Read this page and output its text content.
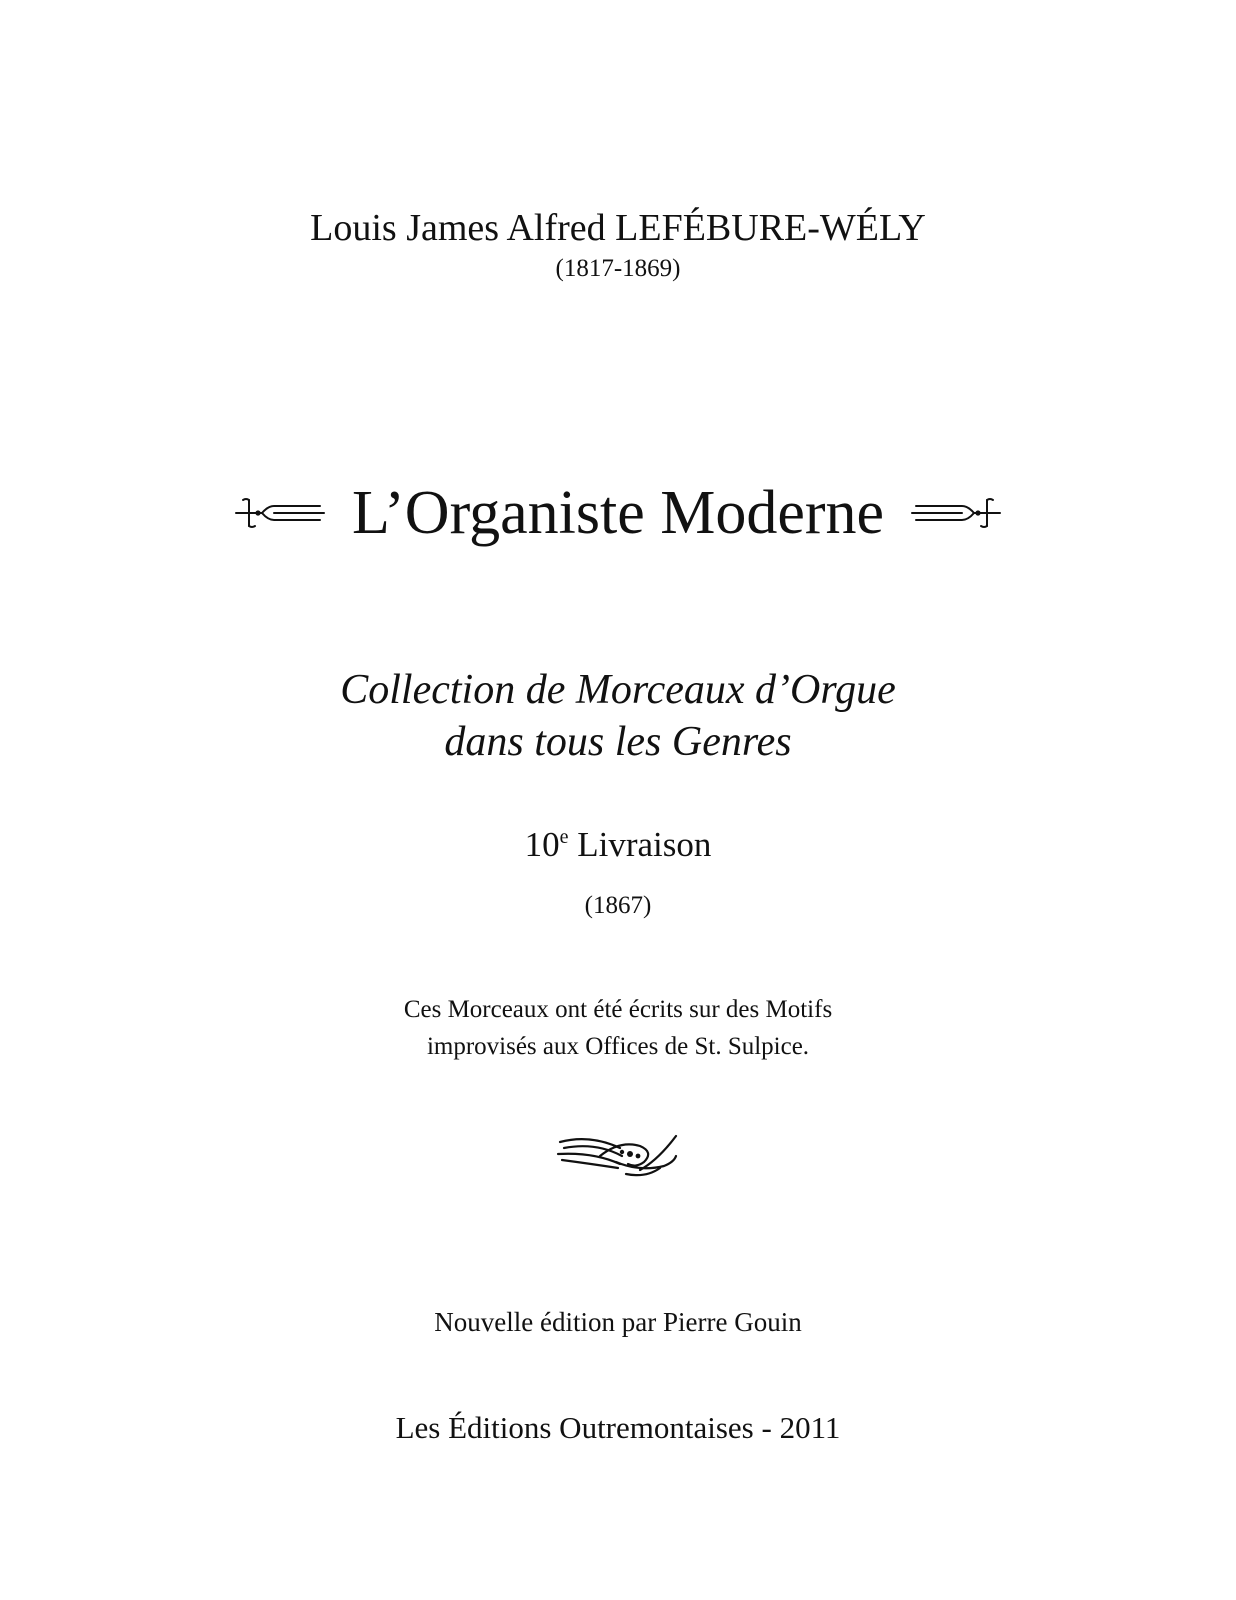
Louis James Alfred LEFÉBURE-WÉLY
(1817-1869)
L’Organiste Moderne
Collection de Morceaux d’Orgue
dans tous les Genres
10e Livraison
(1867)
Ces Morceaux ont été écrits sur des Motifs
improvisés aux Offices de St. Sulpice.
Nouvelle édition par Pierre Gouin
Les Éditions Outremontaises - 2011
